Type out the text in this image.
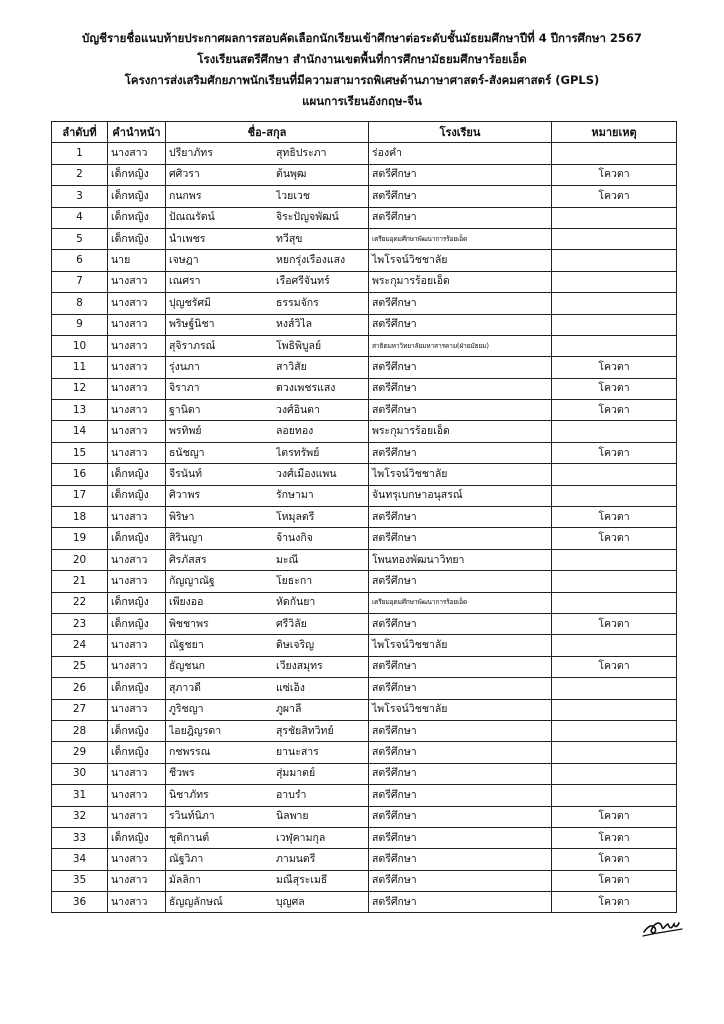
บัญชีรายชื่อแนบท้ายประกาศผลการสอบคัดเลือกนักเรียนเข้าศึกษาต่อระดับชั้นมัธยมศึกษาปีที่ 4 ปีการศึกษา 2567
โรงเรียนสตรีศึกษา สำนักงานเขตพื้นที่การศึกษามัธยมศึกษาร้อยเอ็ด
โครงการส่งเสริมศักยภาพนักเรียนที่มีความสามารถพิเศษด้านภาษาศาสตร์-สังคมศาสตร์ (GPLS)
แผนการเรียนอังกฤษ-จีน
ลำดับที่	คำนำหน้า	ชื่อ-สกุล	โรงเรียน	หมายเหตุ
1	นางสาว	ปรียาภัทร สุทธิประภา	ร่องคำ	
2	เด็กหญิง	ศศิวรา ต้นพุฒ	สตรีศึกษา	โควตา
3	เด็กหญิง	กนกพร ไวยเวช	สตรีศึกษา	โควตา
4	เด็กหญิง	ปัณณรัตน์ จิระปัญจพัฒน์	สตรีศึกษา	
5	เด็กหญิง	น้ำเพชร ทวีสุข	เตรียมอุดมศึกษาพัฒนาการร้อยเอ็ด	
6	นาย	เจษฎา หยกรุ่งเรืองแสง	ไพโรจน์วิชชาลัย	
7	นางสาว	เณศรา เรือศรีจันทร์	พระกุมารร้อยเอ็ด	
8	นางสาว	ปุญชรัศมิ์ ธรรมจักร	สตรีศึกษา	
9	นางสาว	พริษฐ์นิชา หงส์วิไล	สตรีศึกษา	
10	นางสาว	สุจิราภรณ์ โพธิพิบูลย์	สาธิตมหาวิทยาลัยมหาสารคาม(ฝ่ายมัธยม)	
11	นางสาว	รุ่งนภา สาวิสัย	สตรีศึกษา	โควตา
12	นางสาว	จิราภา ดวงเพชรแสง	สตรีศึกษา	โควตา
13	นางสาว	ฐานิดา วงศ์อินตา	สตรีศึกษา	โควตา
14	นางสาว	พรทิพย์ ลอยทอง	พระกุมารร้อยเอ็ด	
15	นางสาว	ธนัชญา ไตรทรัพย์	สตรีศึกษา	โควตา
16	เด็กหญิง	จีรนันท์ วงศ์เมืองแพน	ไพโรจน์วิชชาลัย	
17	เด็กหญิง	ศิวาพร รักษามา	จันทรุเบกษาอนุสรณ์	
18	นางสาว	พิริษา โหมุลตรี	สตรีศึกษา	โควตา
19	เด็กหญิง	สิรินญา จ้านงกิจ	สตรีศึกษา	โควตา
20	นางสาว	ศิรภัสสร มะณี	โพนทองพัฒนาวิทยา	
21	นางสาว	กัญญาณัฐ โยธะกา	สตรีศึกษา	
22	เด็กหญิง	เพียงออ หัดกันยา	เตรียมอุดมศึกษาพัฒนาการร้อยเอ็ด	
23	เด็กหญิง	พิชชาพร ศรีวิลัย	สตรีศึกษา	โควตา
24	นางสาว	ณัฐชยา ดิษเจริญ	ไพโรจน์วิชชาลัย	
25	นางสาว	ธัญชนก เวียงสมุทร	สตรีศึกษา	โควตา
26	เด็กหญิง	สุภาวดี แซ่เอ็ง	สตรีศึกษา	
27	นางสาว	ภูริชญา ภูผาลี	ไพโรจน์วิชชาลัย	
28	เด็กหญิง	ไอยฎิญรดา สุรชัยสิทวิทย์	สตรีศึกษา	
29	เด็กหญิง	กชพรรณ ยานะสาร	สตรีศึกษา	
30	นางสาว	ชีวพร สุ่มมาตย์	สตรีศึกษา	
31	นางสาว	นิชาภัทร อาบรำ	สตรีศึกษา	
32	นางสาว	รวินท์นิภา นิลพาย	สตรีศึกษา	โควตา
33	เด็กหญิง	ชุติกานต์ เวฬุคามกุล	สตรีศึกษา	โควตา
34	นางสาว	ณัฐวิภา ภามนตรี	สตรีศึกษา	โควตา
35	นางสาว	มัลลิกา มณีสุระเมธี	สตรีศึกษา	โควตา
36	นางสาว	ธัญญลักษณ์ บุญศล	สตรีศึกษา	โควตา
